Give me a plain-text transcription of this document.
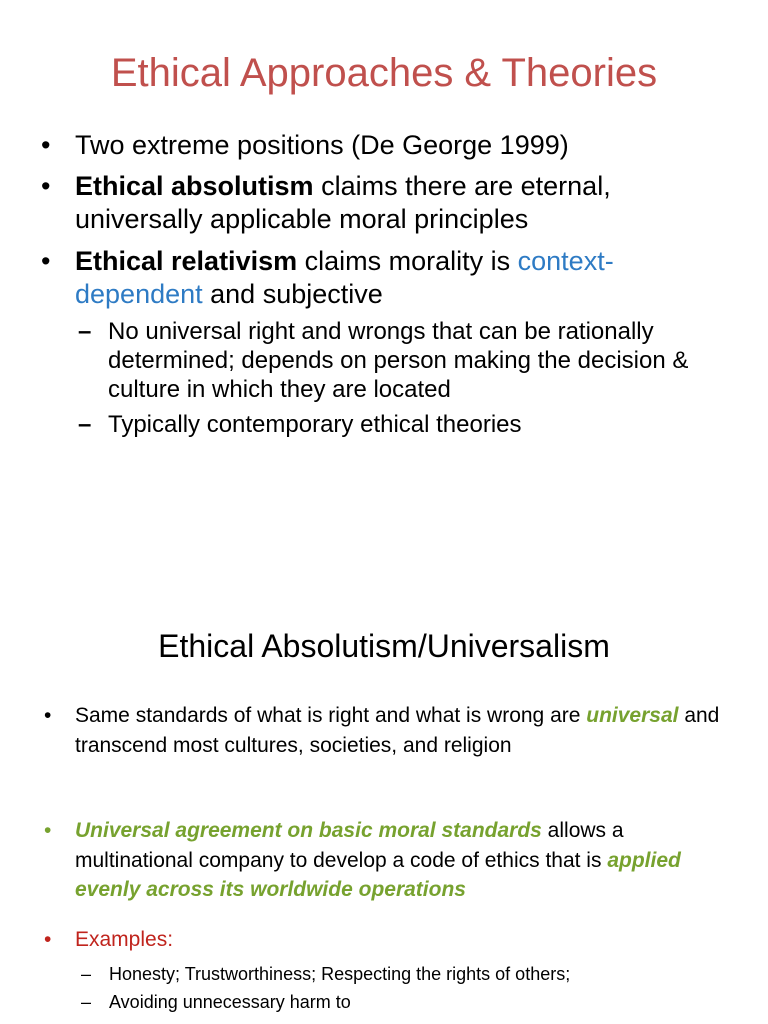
Ethical Approaches & Theories
• Two extreme positions (De George 1999)
• Ethical absolutism claims there are eternal, universally applicable moral principles
• Ethical relativism claims morality is context-dependent and subjective
– No universal right and wrongs that can be rationally determined; depends on person making the decision & culture in which they are located
– Typically contemporary ethical theories
Ethical Absolutism/Universalism
• Same standards of what is right and what is wrong are universal and transcend most cultures, societies, and religion
• Universal agreement on basic moral standards allows a multinational company to develop a code of ethics that is applied evenly across its worldwide operations
• Examples:
– Honesty; Trustworthiness; Respecting the rights of others;
– Avoiding unnecessary harm to
